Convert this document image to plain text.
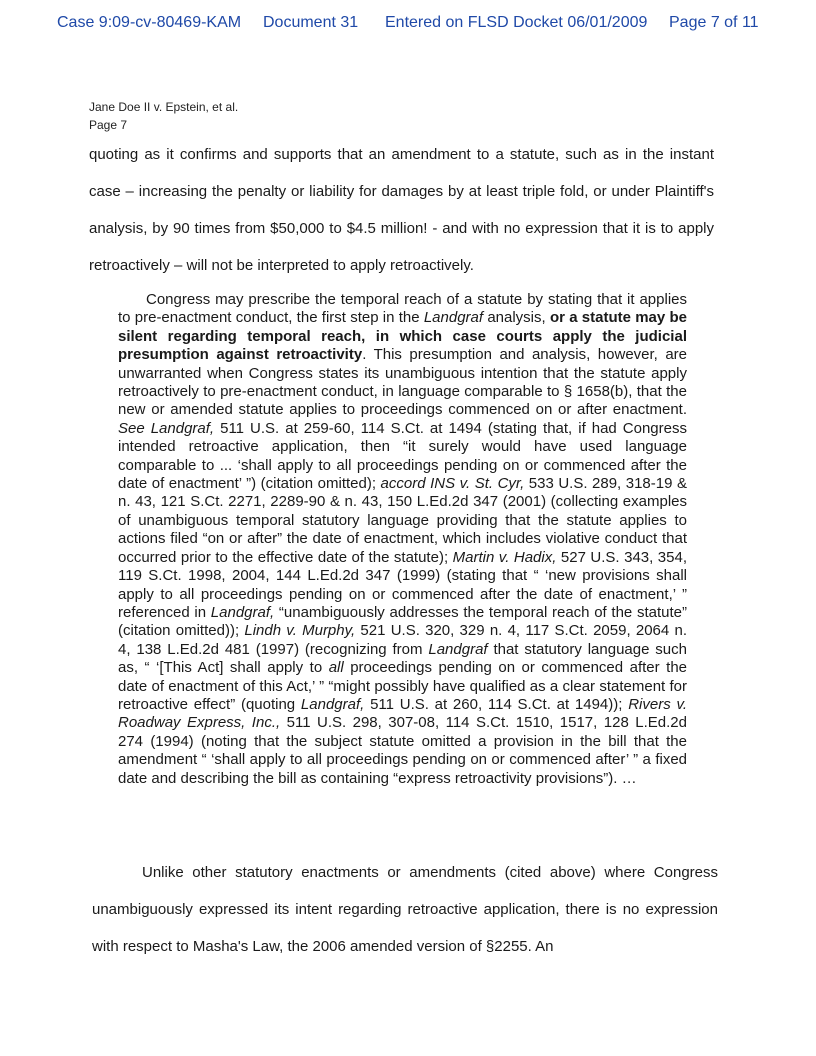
Case 9:09-cv-80469-KAM Document 31 Entered on FLSD Docket 06/01/2009 Page 7 of 11
Jane Doe II v. Epstein, et al.
Page 7

quoting as it confirms and supports that an amendment to a statute, such as in the instant case – increasing the penalty or liability for damages by at least triple fold, or under Plaintiff's analysis, by 90 times from $50,000 to $4.5 million! - and with no expression that it is to apply retroactively – will not be interpreted to apply retroactively.

Congress may prescribe the temporal reach of a statute by stating that it applies to pre-enactment conduct, the first step in the Landgraf analysis, or a statute may be silent regarding temporal reach, in which case courts apply the judicial presumption against retroactivity. This presumption and analysis, however, are unwarranted when Congress states its unambiguous intention that the statute apply retroactively to pre-enactment conduct, in language comparable to § 1658(b), that the new or amended statute applies to proceedings commenced on or after enactment. See Landgraf, 511 U.S. at 259-60, 114 S.Ct. at 1494 (stating that, if had Congress intended retroactive application, then “it surely would have used language comparable to ... ‘shall apply to all proceedings pending on or commenced after the date of enactment’ ”) (citation omitted); accord INS v. St. Cyr, 533 U.S. 289, 318-19 & n. 43, 121 S.Ct. 2271, 2289-90 & n. 43, 150 L.Ed.2d 347 (2001) (collecting examples of unambiguous temporal statutory language providing that the statute applies to actions filed “on or after” the date of enactment, which includes violative conduct that occurred prior to the effective date of the statute); Martin v. Hadix, 527 U.S. 343, 354, 119 S.Ct. 1998, 2004, 144 L.Ed.2d 347 (1999) (stating that “ ‘new provisions shall apply to all proceedings pending on or commenced after the date of enactment,’ ” referenced in Landgraf, “unambiguously addresses the temporal reach of the statute” (citation omitted)); Lindh v. Murphy, 521 U.S. 320, 329 n. 4, 117 S.Ct. 2059, 2064 n. 4, 138 L.Ed.2d 481 (1997) (recognizing from Landgraf that statutory language such as, “ ‘[This Act] shall apply to all proceedings pending on or commenced after the date of enactment of this Act,’ ” “might possibly have qualified as a clear statement for retroactive effect” (quoting Landgraf, 511 U.S. at 260, 114 S.Ct. at 1494)); Rivers v. Roadway Express, Inc., 511 U.S. 298, 307-08, 114 S.Ct. 1510, 1517, 128 L.Ed.2d 274 (1994) (noting that the subject statute omitted a provision in the bill that the amendment “ ‘shall apply to all proceedings pending on or commenced after’ ” a fixed date and describing the bill as containing “express retroactivity provisions”). …

Unlike other statutory enactments or amendments (cited above) where Congress unambiguously expressed its intent regarding retroactive application, there is no expression with respect to Masha's Law, the 2006 amended version of §2255. An
